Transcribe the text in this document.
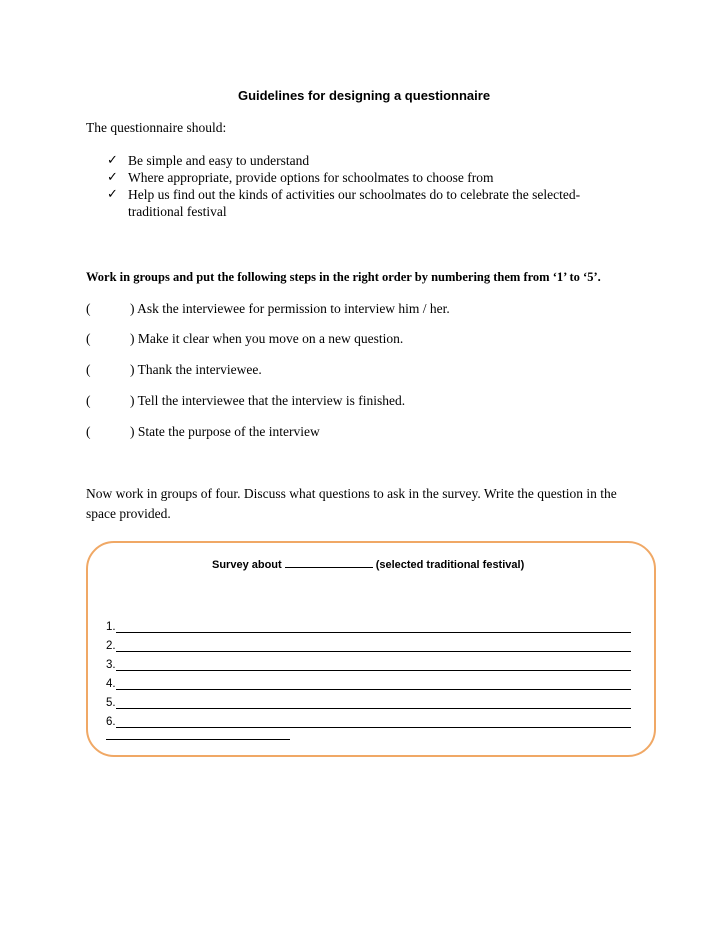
Guidelines for designing a questionnaire
The questionnaire should:
✓ Be simple and easy to understand
✓ Where appropriate, provide options for schoolmates to choose from
✓ Help us find out the kinds of activities our schoolmates do to celebrate the selected-traditional festival
Work in groups and put the following steps in the right order by numbering them from ‘1’ to ‘5’.
(	) Ask the interviewee for permission to interview him / her.
(	) Make it clear when you move on a new question.
(	) Thank the interviewee.
(	) Tell the interviewee that the interview is finished.
(	) State the purpose of the interview
Now work in groups of four. Discuss what questions to ask in the survey. Write the question in the space provided.
Survey about	(selected traditional festival)
1.
2.
3.
4.
5.
6.
